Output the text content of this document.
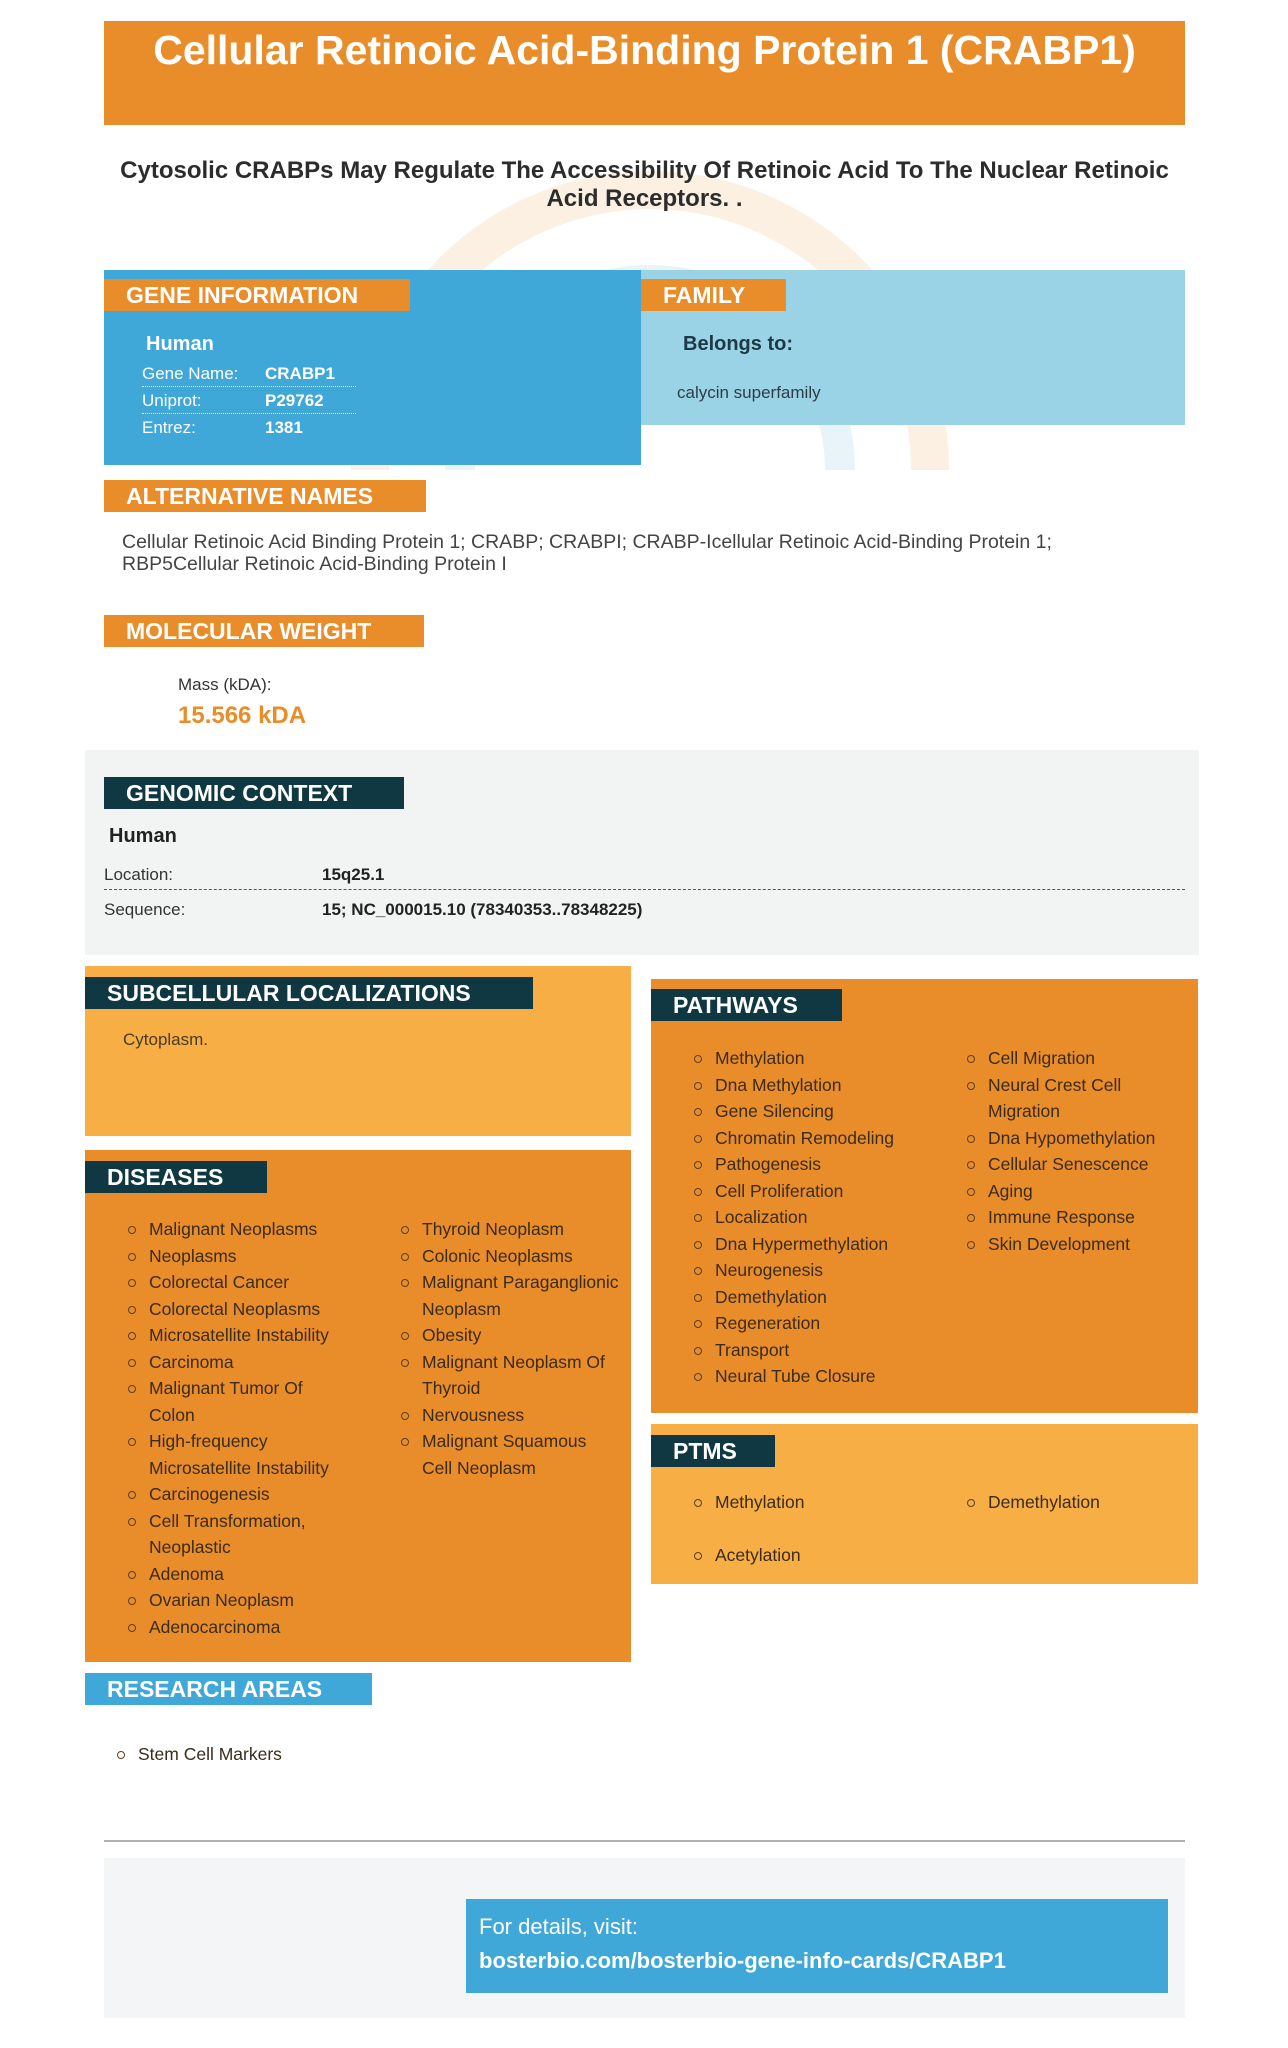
Cellular Retinoic Acid-Binding Protein 1 (CRABP1)
Cytosolic CRABPs May Regulate The Accessibility Of Retinoic Acid To The Nuclear Retinoic Acid Receptors. .
Human
Gene Name: CRABP1
Uniprot:	P29762
Entrez:	1381
GENE INFORMATION
Belongs to:
calycin superfamily
FAMILY
ALTERNATIVE NAMES
Cellular Retinoic Acid Binding Protein 1; CRABP; CRABPI; CRABP-Icellular Retinoic Acid-Binding Protein 1; RBP5Cellular Retinoic Acid-Binding Protein I
MOLECULAR WEIGHT
Mass (kDA):
15.566 kDA
GENOMIC CONTEXT
Human
Location:	15q25.1
Sequence:	15; NC_000015.10 (78340353..78348225)
Cytoplasm.
SUBCELLULAR LOCALIZATIONS
Malignant Neoplasms
Neoplasms
Colorectal Cancer
Colorectal Neoplasms
Microsatellite Instability
Carcinoma
Malignant Tumor Of Colon
High-frequency Microsatellite Instability
Carcinogenesis
Cell Transformation, Neoplastic
Adenoma
Ovarian Neoplasm
Adenocarcinoma
Thyroid Neoplasm
Colonic Neoplasms
Malignant Paraganglionic Neoplasm
Obesity
Malignant Neoplasm Of Thyroid
Nervousness
Malignant Squamous Cell Neoplasm
DISEASES
Methylation
Dna Methylation
Gene Silencing
Chromatin Remodeling
Pathogenesis
Cell Proliferation
Localization
Dna Hypermethylation
Neurogenesis
Demethylation
Regeneration
Transport
Neural Tube Closure
Cell Migration
Neural Crest Cell Migration
Dna Hypomethylation
Cellular Senescence
Aging
Immune Response
Skin Development
PATHWAYS
Methylation
Acetylation
Demethylation
PTMS
RESEARCH AREAS
Stem Cell Markers
For details, visit:
bosterbio.com/bosterbio-gene-info-cards/CRABP1
